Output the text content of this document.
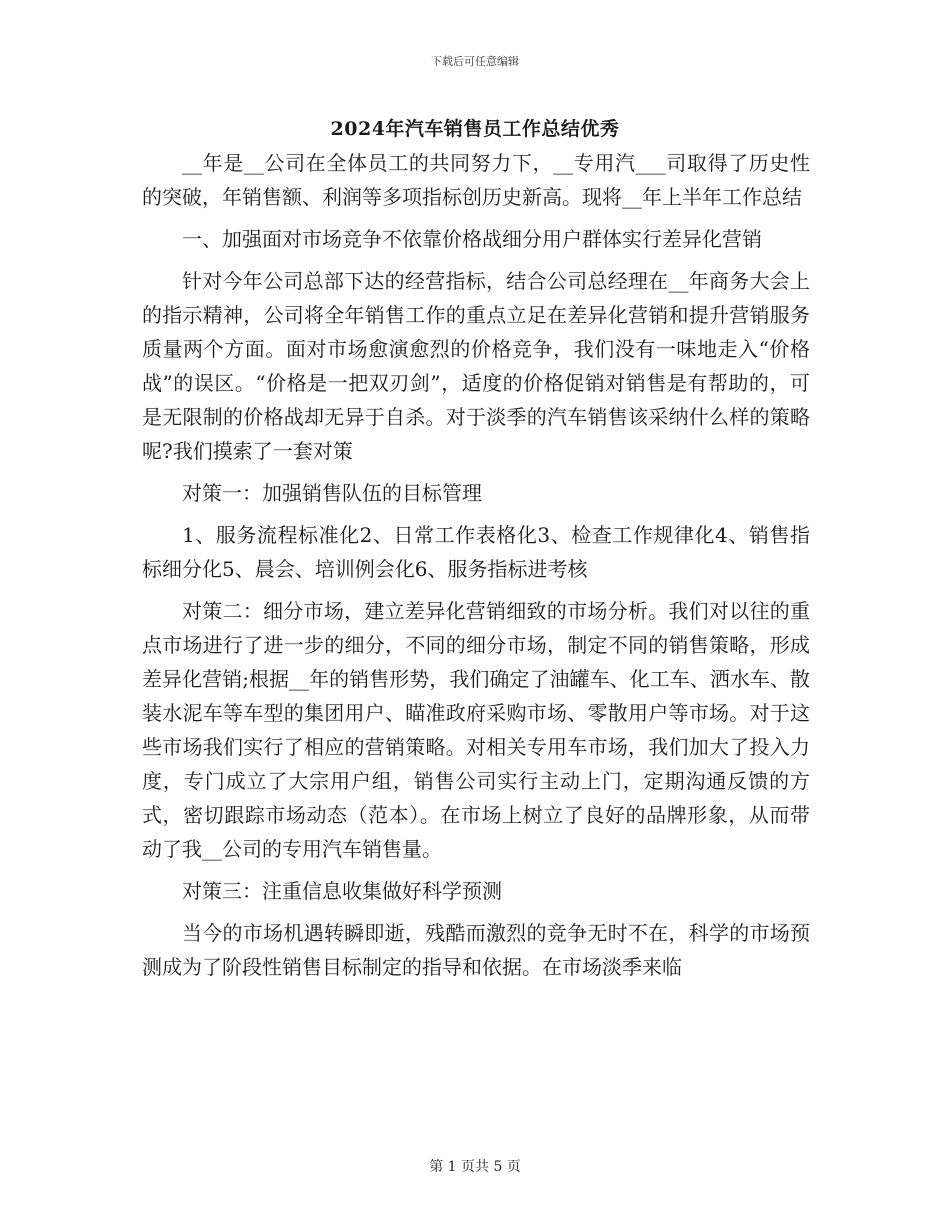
下载后可任意编辑
2024年汽车销售员工作总结优秀

__年是__公司在全体员工的共同努力下，__专用汽___司取得了历史性的突破，年销售额、利润等多项指标创历史新高。现将__年上半年工作总结

一、加强面对市场竞争不依靠价格战细分用户群体实行差异化营销

针对今年公司总部下达的经营指标，结合公司总经理在__年商务大会上的指示精神，公司将全年销售工作的重点立足在差异化营销和提升营销服务质量两个方面。面对市场愈演愈烈的价格竞争，我们没有一味地走入“价格战”的误区。“价格是一把双刃剑”，适度的价格促销对销售是有帮助的，可是无限制的价格战却无异于自杀。对于淡季的汽车销售该采纳什么样的策略呢?我们摸索了一套对策

对策一：加强销售队伍的目标管理

1、服务流程标准化2、日常工作表格化3、检查工作规律化4、销售指标细分化5、晨会、培训例会化6、服务指标进考核

对策二：细分市场，建立差异化营销细致的市场分析。我们对以往的重点市场进行了进一步的细分，不同的细分市场，制定不同的销售策略，形成差异化营销;根据__年的销售形势，我们确定了油罐车、化工车、洒水车、散装水泥车等车型的集团用户、瞄准政府采购市场、零散用户等市场。对于这些市场我们实行了相应的营销策略。对相关专用车市场，我们加大了投入力度，专门成立了大宗用户组，销售公司实行主动上门，定期沟通反馈的方式，密切跟踪市场动态（范本）。在市场上树立了良好的品牌形象，从而带动了我__公司的专用汽车销售量。

对策三：注重信息收集做好科学预测

当今的市场机遇转瞬即逝，残酷而激烈的竞争无时不在，科学的市场预测成为了阶段性销售目标制定的指导和依据。在市场淡季来临

第 1 页共 5 页
